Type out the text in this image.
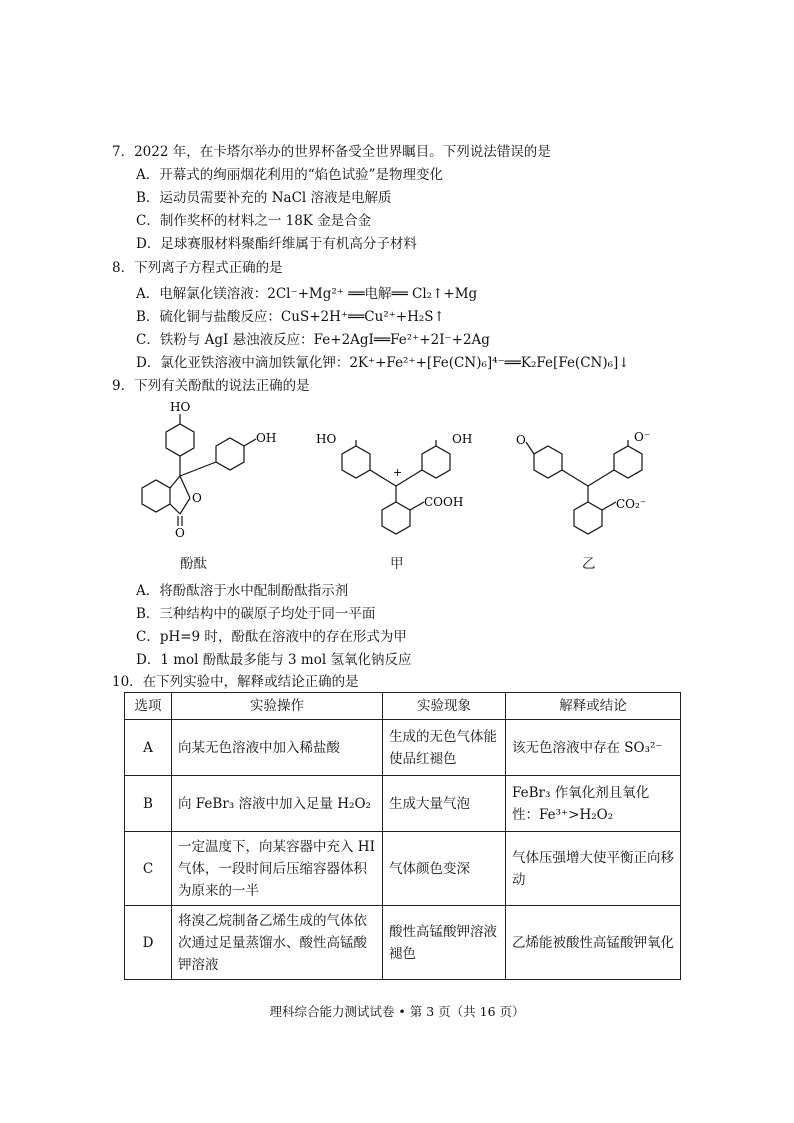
7．2022 年，在卡塔尔举办的世界杯备受全世界瞩目。下列说法错误的是
A．开幕式的绚丽烟花利用的“焰色试验”是物理变化
B．运动员需要补充的 NaCl 溶液是电解质
C．制作奖杯的材料之一 18K 金是合金
D．足球赛服材料聚酯纤维属于有机高分子材料
8．下列离子方程式正确的是
A．电解氯化镁溶液：2Cl⁻+Mg²⁺ ══电解══ Cl₂↑+Mg
B．硫化铜与盐酸反应：CuS+2H⁺══Cu²⁺+H₂S↑
C．铁粉与 AgI 悬浊液反应：Fe+2AgI══Fe²⁺+2I⁻+2Ag
D．氯化亚铁溶液中滴加铁氰化钾：2K⁺+Fe²⁺+[Fe(CN)₆]⁴⁻══K₂Fe[Fe(CN)₆]↓
9．下列有关酚酞的说法正确的是
HO
OH
O
O
HO	OH
+
COOH
O	O⁻
CO₂⁻
酚酞	甲	乙
A．将酚酞溶于水中配制酚酞指示剂
B．三种结构中的碳原子均处于同一平面
C．pH=9 时，酚酞在溶液中的存在形式为甲
D．1 mol 酚酞最多能与 3 mol 氢氧化钠反应
10．在下列实验中，解释或结论正确的是
选项	实验操作	实验现象	解释或结论
A	向某无色溶液中加入稀盐酸	生成的无色气体能使品红褪色	该无色溶液中存在 SO₃²⁻
B	向 FeBr₃ 溶液中加入足量 H₂O₂	生成大量气泡	FeBr₃ 作氧化剂且氧化性：Fe³⁺>H₂O₂
C	一定温度下，向某容器中充入 HI 气体，一段时间后压缩容器体积为原来的一半	气体颜色变深	气体压强增大使平衡正向移动
D	将溴乙烷制备乙烯生成的气体依次通过足量蒸馏水、酸性高锰酸钾溶液	酸性高锰酸钾溶液褪色	乙烯能被酸性高锰酸钾氧化
理科综合能力测试试卷 • 第 3 页（共 16 页）
